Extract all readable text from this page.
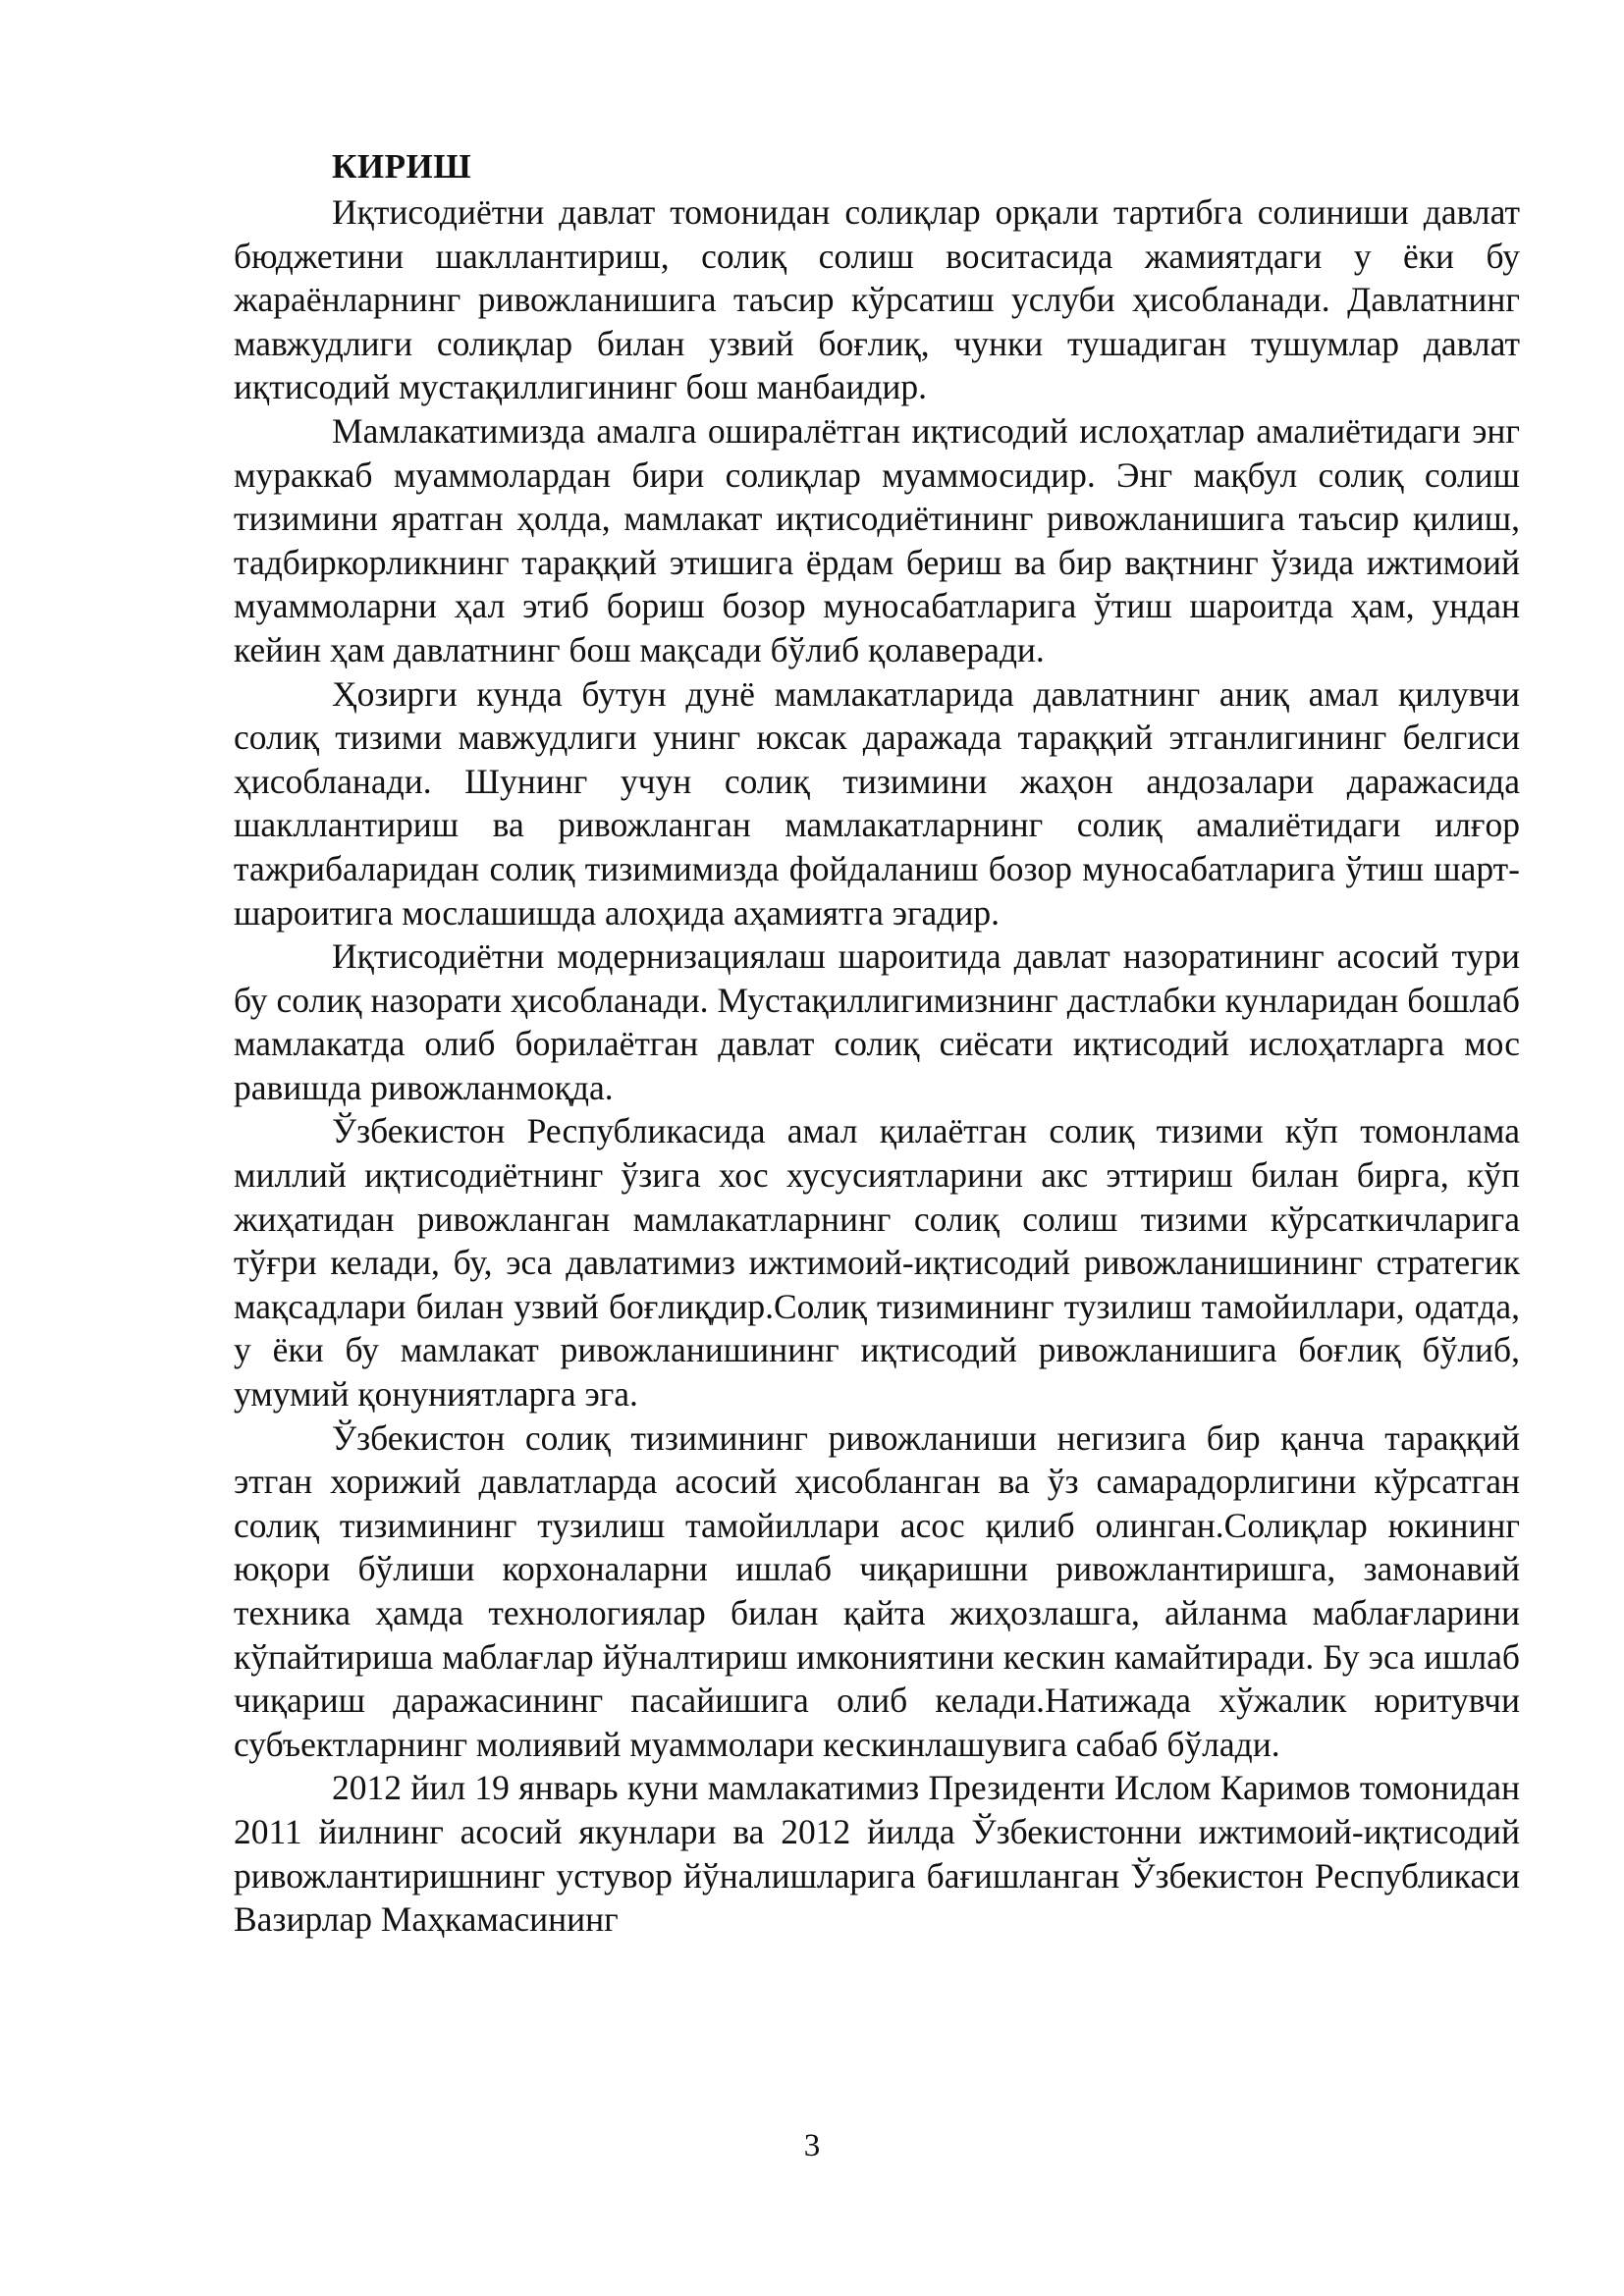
КИРИШ

Иқтисодиётни давлат томонидан солиқлар орқали тартибга солиниши давлат бюджетини шакллантириш, солиқ солиш воситасида жамиятдаги у ёки бу жараёнларнинг ривожланишига таъсир кўрсатиш услуби ҳисобланади. Давлатнинг мавжудлиги солиқлар билан узвий боғлиқ, чунки тушадиган тушумлар давлат иқтисодий мустақиллигининг бош манбаидир.

Мамлакатимизда амалга оширалётган иқтисодий ислоҳатлар амалиётидаги энг мураккаб муаммолардан бири солиқлар муаммосидир. Энг мақбул солиқ солиш тизимини яратган ҳолда, мамлакат иқтисодиётининг ривожланишига таъсир қилиш, тадбиркорликнинг тараққий этишига ёрдам бериш ва бир вақтнинг ўзида ижтимоий муаммоларни ҳал этиб бориш бозор муносабатларига ўтиш шароитда ҳам, ундан кейин ҳам давлатнинг бош мақсади бўлиб қолаверади.

Ҳозирги кунда бутун дунё мамлакатларида давлатнинг аниқ амал қилувчи солиқ тизими мавжудлиги унинг юксак даражада тараққий этганлигининг белгиси ҳисобланади. Шунинг учун солиқ тизимини жаҳон андозалари даражасида шакллантириш ва ривожланган мамлакатларнинг солиқ амалиётидаги илғор тажрибаларидан солиқ тизимимизда фойдаланиш бозор муносабатларига ўтиш шарт-шароитига мослашишда алоҳида аҳамиятга эгадир.

Иқтисодиётни модернизациялаш шароитида давлат назоратининг асосий тури бу солиқ назорати ҳисобланади. Мустақиллигимизнинг дастлабки кунларидан бошлаб мамлакатда олиб борилаётган давлат солиқ сиёсати иқтисодий ислоҳатларга мос равишда ривожланмоқда.

Ўзбекистон Республикасида амал қилаётган солиқ тизими кўп томонлама миллий иқтисодиётнинг ўзига хос хусусиятларини акс эттириш билан бирга, кўп жиҳатидан ривожланган мамлакатларнинг солиқ солиш тизими кўрсаткичларига тўғри келади, бу, эса давлатимиз ижтимоий-иқтисодий ривожланишининг стратегик мақсадлари билан узвий боғлиқдир.Солиқ тизимининг тузилиш тамойиллари, одатда, у ёки бу мамлакат ривожланишининг иқтисодий ривожланишига боғлиқ бўлиб, умумий қонуниятларга эга.

Ўзбекистон солиқ тизимининг ривожланиши негизига бир қанча тараққий этган хорижий давлатларда асосий ҳисобланган ва ўз самарадорлигини кўрсатган солиқ тизимининг тузилиш тамойиллари асос қилиб олинган.Солиқлар юкининг юқори бўлиши корхоналарни ишлаб чиқаришни ривожлантиришга, замонавий техника ҳамда технологиялар билан қайта жиҳозлашга, айланма маблағларини кўпайтириша маблағлар йўналтириш имкониятини кескин камайтиради. Бу эса ишлаб чиқариш даражасининг пасайишига олиб келади.Натижада хўжалик юритувчи субъектларнинг молиявий муаммолари кескинлашувига сабаб бўлади.

2012 йил 19 январь куни мамлакатимиз Президенти Ислом Каримов томонидан 2011 йилнинг асосий якунлари ва 2012 йилда Ўзбекистонни ижтимоий-иқтисодий ривожлантиришнинг устувор йўналишларига бағишланган Ўзбекистон Республикаси Вазирлар Маҳкамасининг

3
